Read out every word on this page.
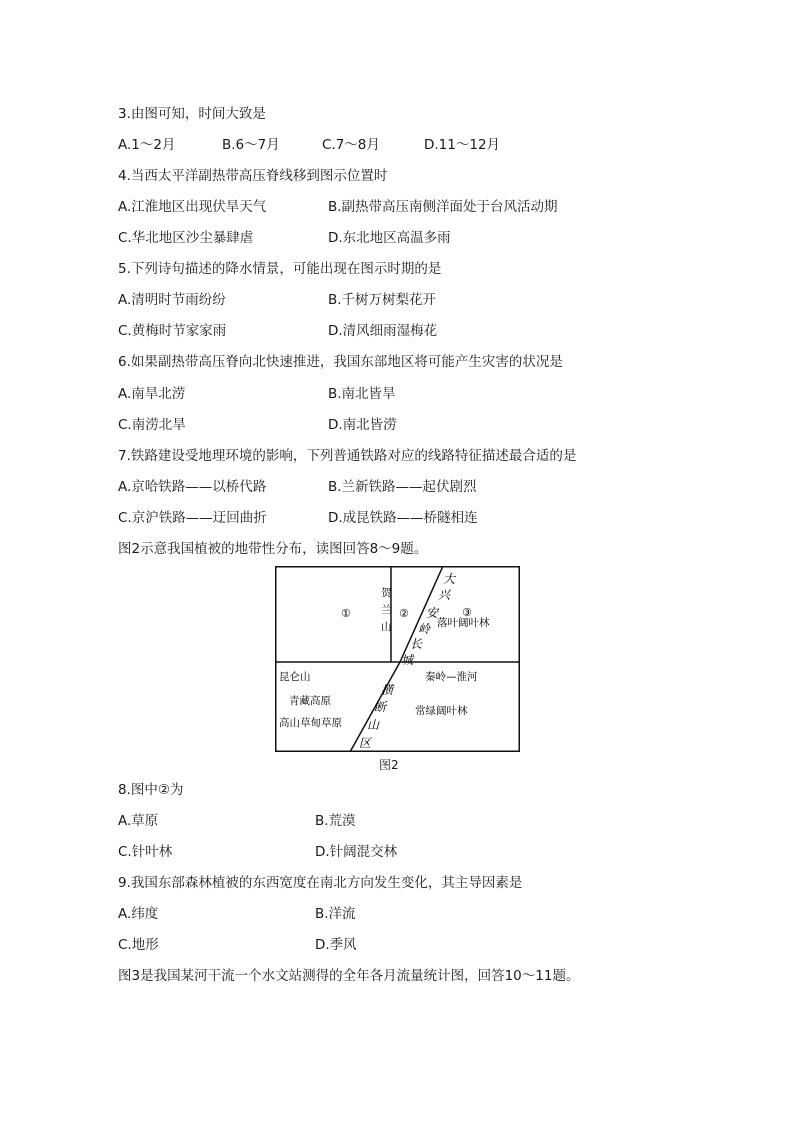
3.由图可知，时间大致是
A.1～2月	B.6～7月	C.7～8月	D.11～12月
4.当西太平洋副热带高压脊线移到图示位置时
A.江淮地区出现伏旱天气	B.副热带高压南侧洋面处于台风活动期
C.华北地区沙尘暴肆虐	D.东北地区高温多雨
5.下列诗句描述的降水情景，可能出现在图示时期的是
A.清明时节雨纷纷	B.千树万树梨花开
C.黄梅时节家家雨	D.清风细雨湿梅花
6.如果副热带高压脊向北快速推进，我国东部地区将可能产生灾害的状况是
A.南旱北涝	B.南北皆旱
C.南涝北旱	D.南北皆涝
7.铁路建设受地理环境的影响，下列普通铁路对应的线路特征描述最合适的是
A.京哈铁路——以桥代路	B.兰新铁路——起伏剧烈
C.京沪铁路——迂回曲折	D.成昆铁路——桥隧相连
图2示意我国植被的地带性分布，读图回答8～9题。
①	②	③
贺
兰
山
大
兴
安
岭
长
城
落叶阔叶林
昆仑山	秦岭—淮河
青藏高原
高山草甸草原
常绿阔叶林
横
断
山
区
图2
8.图中②为
A.草原	B.荒漠
C.针叶林	D.针阔混交林
9.我国东部森林植被的东西宽度在南北方向发生变化，其主导因素是
A.纬度	B.洋流
C.地形	D.季风
图3是我国某河干流一个水文站测得的全年各月流量统计图，回答10～11题。
